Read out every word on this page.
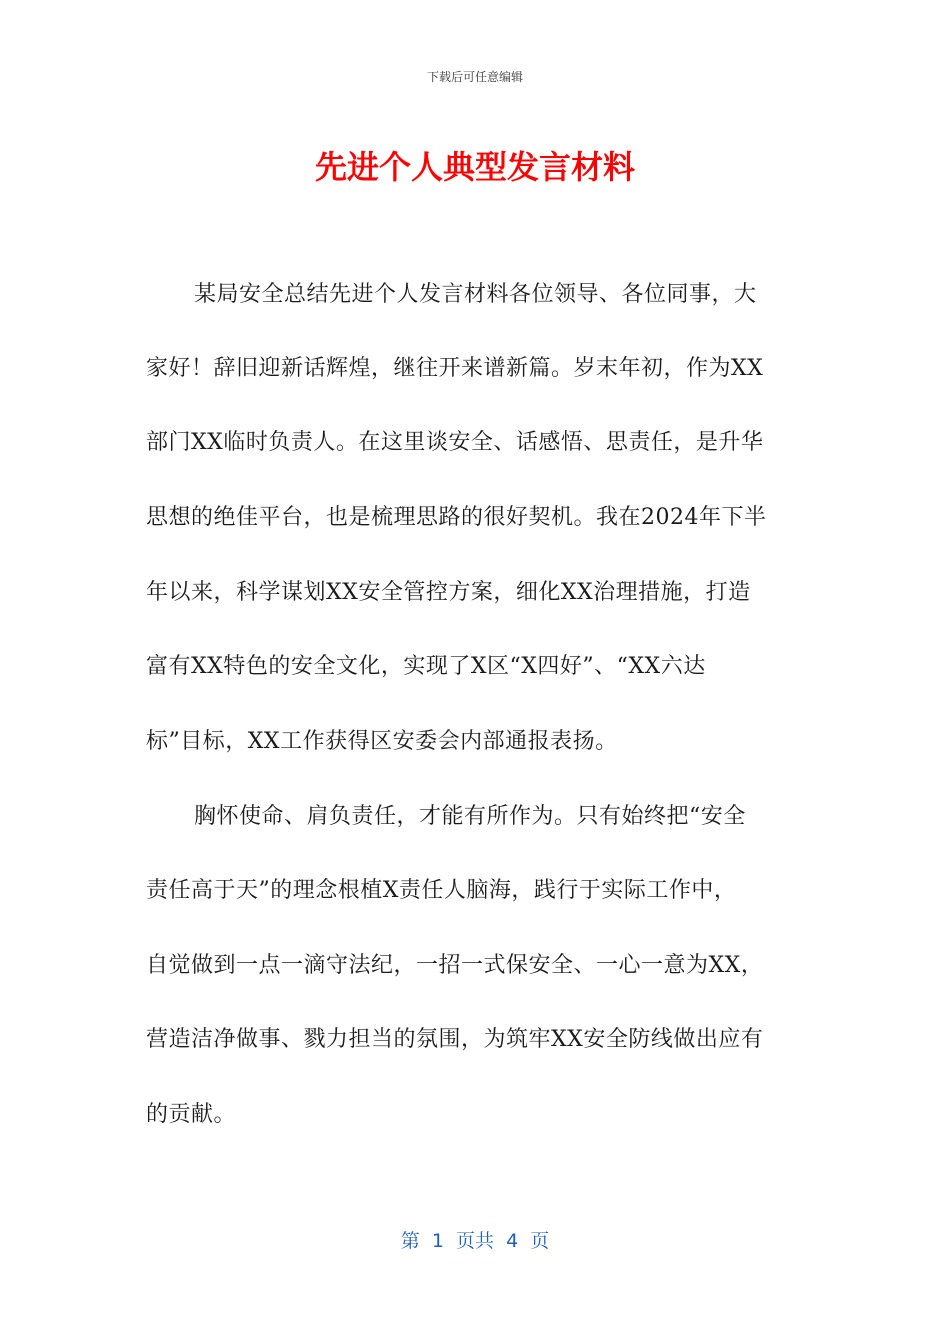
下载后可任意编辑
先进个人典型发言材料
某局安全总结先进个人发言材料各位领导、各位同事，大
家好！辞旧迎新话辉煌，继往开来谱新篇。岁末年初，作为XX
部门XX临时负责人。在这里谈安全、话感悟、思责任，是升华
思想的绝佳平台，也是梳理思路的很好契机。我在2024年下半
年以来，科学谋划XX安全管控方案，细化XX治理措施，打造
富有XX特色的安全文化，实现了X区“X四好”、“XX六达
标”目标，XX工作获得区安委会内部通报表扬。
胸怀使命、肩负责任，才能有所作为。只有始终把“安全
责任高于天”的理念根植X责任人脑海，践行于实际工作中，
自觉做到一点一滴守法纪，一招一式保安全、一心一意为XX，
营造洁净做事、戮力担当的氛围，为筑牢XX安全防线做出应有
的贡献。
第  1  页共  4  页
